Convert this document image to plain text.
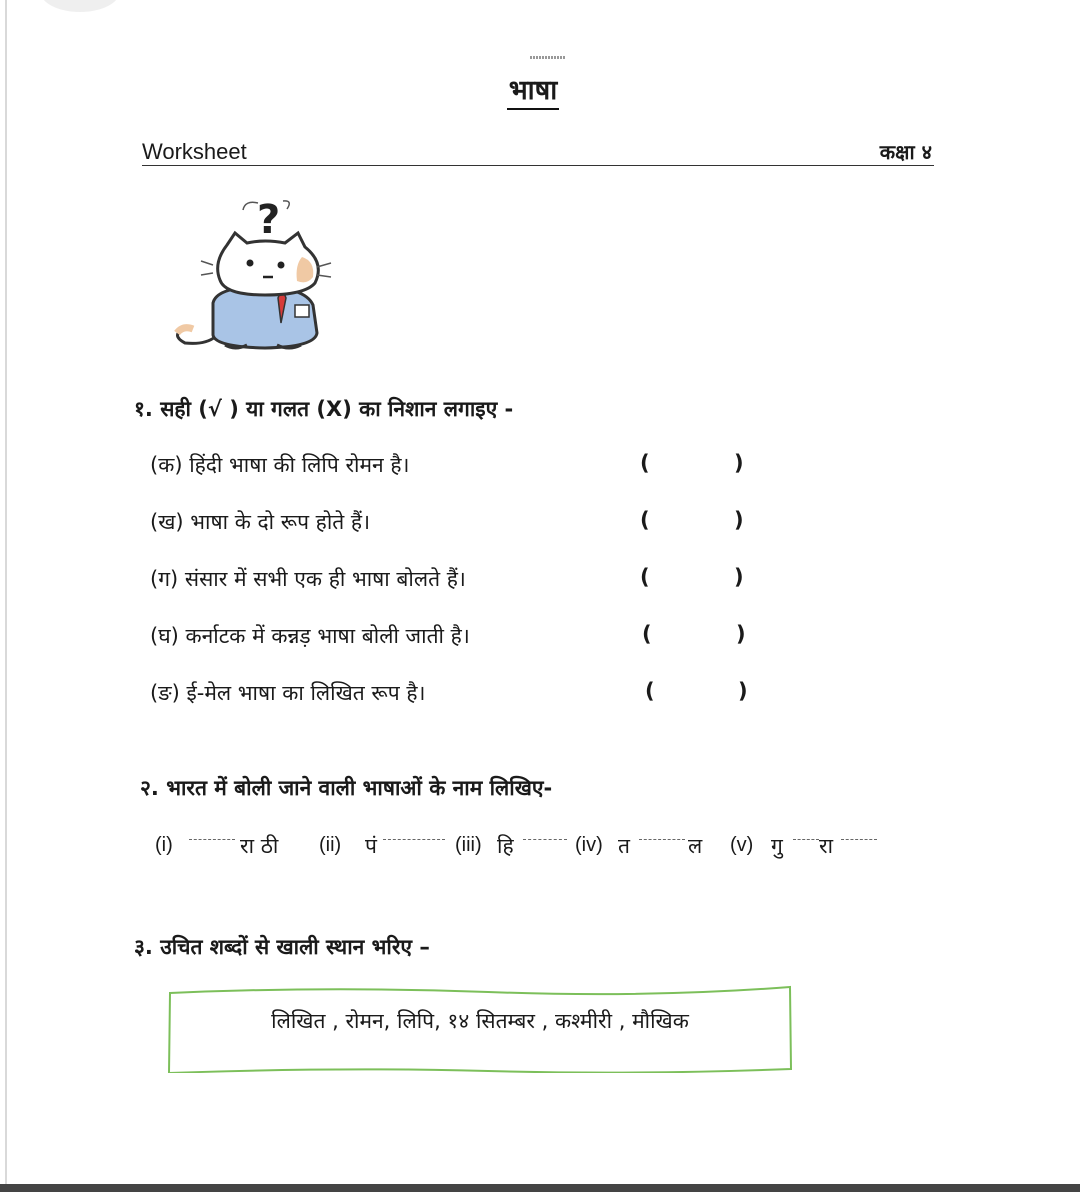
भाषा
Worksheet	कक्षा ४
?
१. सही (√ ) या गलत (X) का निशान लगाइए -
(क) हिंदी भाषा की लिपि रोमन है।	(	)
(ख) भाषा के दो रूप होते हैं।	(	)
(ग) संसार में सभी एक ही भाषा बोलते हैं।	(	)
(घ) कर्नाटक में कन्नड़ भाषा बोली जाती है।	(	)
(ङ) ई-मेल भाषा का लिखित रूप है।	(	)
२. भारत में बोली जाने वाली भाषाओं के नाम लिखिए-
(i)	रा ठी (ii) पं	(iii) हि	(iv) त	ल (v) गु रा
३. उचित शब्दों से खाली स्थान भरिए –
लिखित , रोमन, लिपि, १४ सितम्बर , कश्मीरी , मौखिक
